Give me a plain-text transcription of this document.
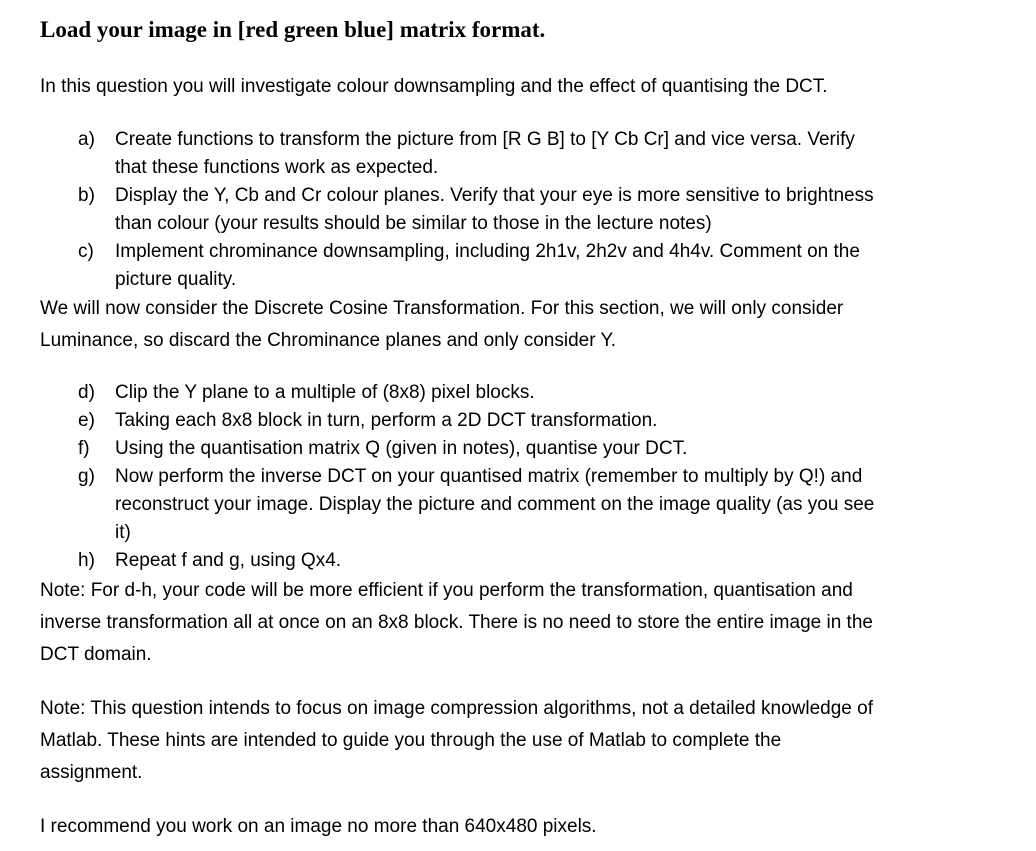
Load your image in [red green blue] matrix format.
In this question you will investigate colour downsampling and the effect of quantising the DCT.
a) Create functions to transform the picture from [R G B] to [Y Cb Cr] and vice versa. Verify
that these functions work as expected.
b) Display the Y, Cb and Cr colour planes. Verify that your eye is more sensitive to brightness
than colour (your results should be similar to those in the lecture notes)
c) Implement chrominance downsampling, including 2h1v, 2h2v and 4h4v. Comment on the
picture quality.
We will now consider the Discrete Cosine Transformation. For this section, we will only consider
Luminance, so discard the Chrominance planes and only consider Y.
d) Clip the Y plane to a multiple of (8x8) pixel blocks.
e) Taking each 8x8 block in turn, perform a 2D DCT transformation.
f) Using the quantisation matrix Q (given in notes), quantise your DCT.
g) Now perform the inverse DCT on your quantised matrix (remember to multiply by Q!) and
reconstruct your image. Display the picture and comment on the image quality (as you see
it)
h) Repeat f and g, using Qx4.
Note: For d-h, your code will be more efficient if you perform the transformation, quantisation and
inverse transformation all at once on an 8x8 block. There is no need to store the entire image in the
DCT domain.
Note: This question intends to focus on image compression algorithms, not a detailed knowledge of
Matlab. These hints are intended to guide you through the use of Matlab to complete the
assignment.
I recommend you work on an image no more than 640x480 pixels.
